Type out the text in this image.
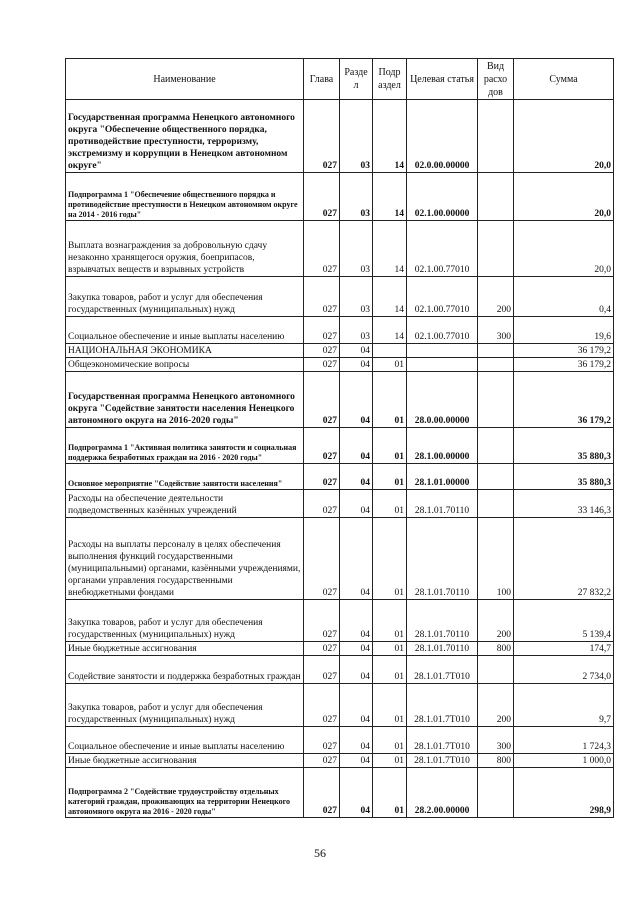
Наименование	Глава	Разде л	Подр аздел	Целевая статья	Вид расхо дов	Сумма
Государственная программа Ненецкого автономного округа "Обеспечение общественного порядка, противодействие преступности, терроризму, экстремизму и коррупции в Ненецком автономном округе"	027	03	14	02.0.00.00000		20,0
Подпрограмма 1 "Обеспечение общественного порядка и противодействие преступности в Ненецком автономном округе на 2014 - 2016 годы"	027	03	14	02.1.00.00000		20,0
Выплата вознаграждения за добровольную сдачу незаконно хранящегося оружия, боеприпасов, взрывчатых веществ и взрывных устройств	027	03	14	02.1.00.77010		20,0
Закупка товаров, работ и услуг для обеспечения государственных (муниципальных) нужд	027	03	14	02.1.00.77010	200	0,4
Социальное обеспечение и иные выплаты населению	027	03	14	02.1.00.77010	300	19,6
НАЦИОНАЛЬНАЯ ЭКОНОМИКА	027	04				36 179,2
Общеэкономические вопросы	027	04	01			36 179,2
Государственная программа Ненецкого автономного округа "Содействие занятости населения Ненецкого автономного округа на 2016-2020 годы"	027	04	01	28.0.00.00000		36 179,2
Подпрограмма 1 "Активная политика занятости и социальная поддержка безработных граждан на 2016 - 2020 годы"	027	04	01	28.1.00.00000		35 880,3
Основное мероприятие "Содействие занятости населения"	027	04	01	28.1.01.00000		35 880,3
Расходы на обеспечение деятельности подведомственных казённых учреждений	027	04	01	28.1.01.70110		33 146,3
Расходы на выплаты персоналу в целях обеспечения выполнения функций государственными (муниципальными) органами, казёнными учреждениями, органами управления государственными внебюджетными фондами	027	04	01	28.1.01.70110	100	27 832,2
Закупка товаров, работ и услуг для обеспечения государственных (муниципальных) нужд	027	04	01	28.1.01.70110	200	5 139,4
Иные бюджетные ассигнования	027	04	01	28.1.01.70110	800	174,7
Содействие занятости и поддержка безработных граждан	027	04	01	28.1.01.7Т010		2 734,0
Закупка товаров, работ и услуг для обеспечения государственных (муниципальных) нужд	027	04	01	28.1.01.7Т010	200	9,7
Социальное обеспечение и иные выплаты населению	027	04	01	28.1.01.7Т010	300	1 724,3
Иные бюджетные ассигнования	027	04	01	28.1.01.7Т010	800	1 000,0
Подпрограмма 2 "Содействие трудоустройству отдельных категорий граждан, проживающих на территории Ненецкого автономного округа на 2016 - 2020 годы"	027	04	01	28.2.00.00000		298,9
56
